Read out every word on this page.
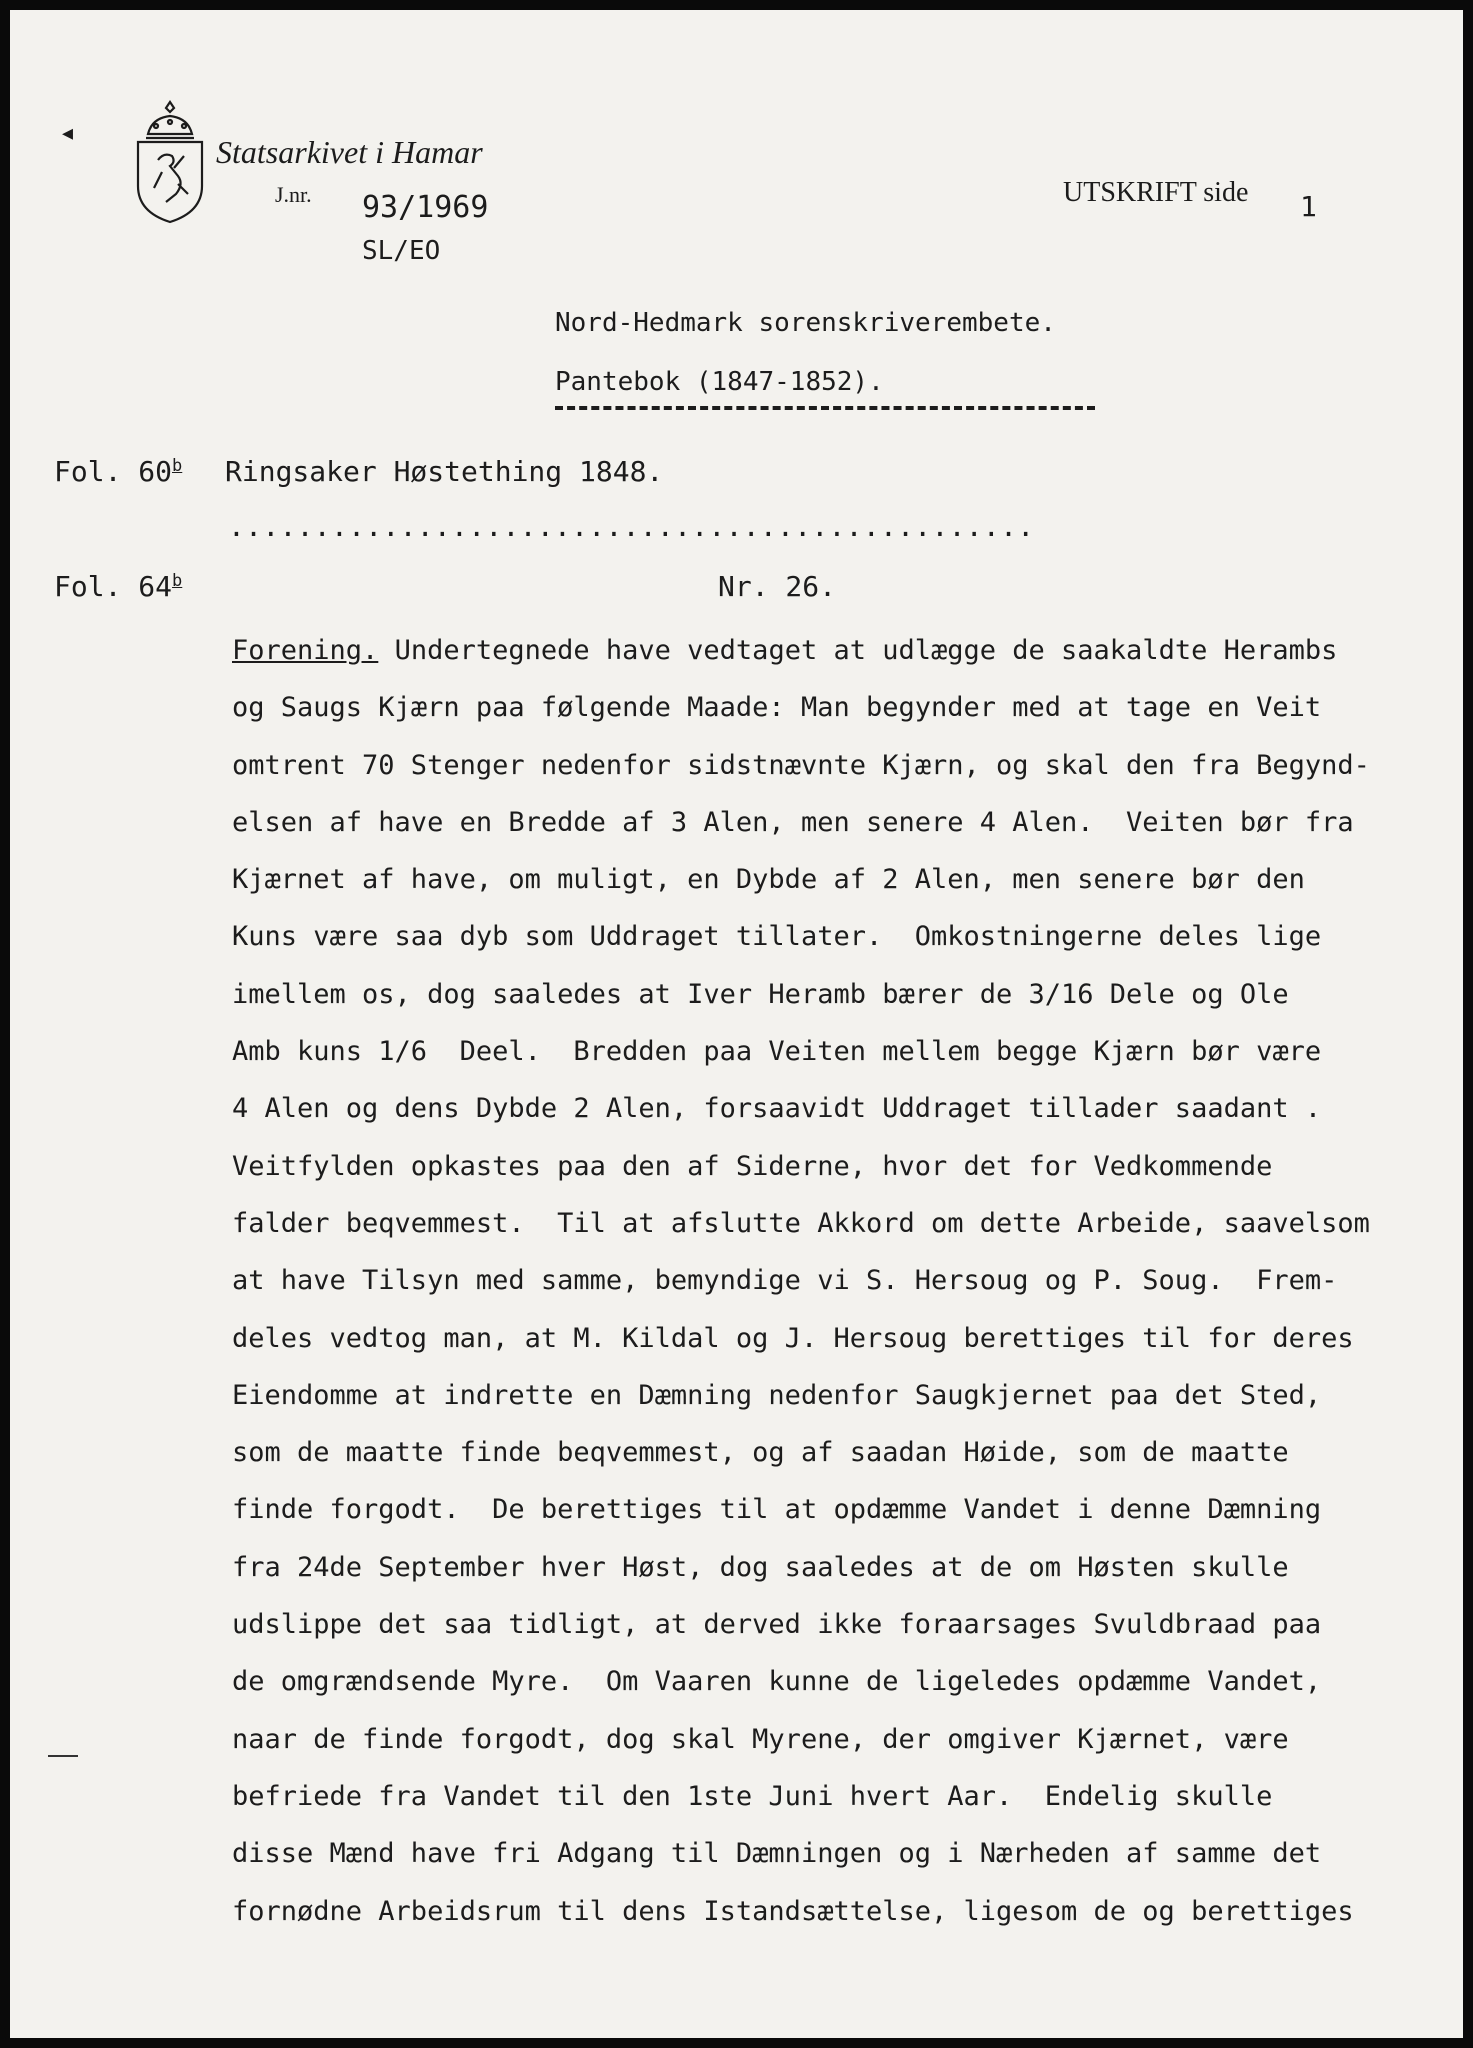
◂
Statsarkivet i Hamar
J.nr. 93/1969
SL/EO
UTSKRIFT side 1
Nord-Hedmark sorenskriverembete.
Pantebok (1847-1852).
Fol. 60$^b$ Ringsaker Høstething 1848.
...............................................
Fol. 64$^b$	Nr. 26.
Forening. Undertegnede have vedtaget at udlægge de saakaldte Herambs
og Saugs Kjærn paa følgende Maade: Man begynder med at tage en Veit
omtrent 70 Stenger nedenfor sidstnævnte Kjærn, og skal den fra Begynd-
elsen af have en Bredde af 3 Alen, men senere 4 Alen.  Veiten bør fra
Kjærnet af have, om muligt, en Dybde af 2 Alen, men senere bør den
Kuns være saa dyb som Uddraget tillater.  Omkostningerne deles lige
imellem os, dog saaledes at Iver Heramb bærer de 3/16 Dele og Ole
Amb kuns 1/6  Deel.  Bredden paa Veiten mellem begge Kjærn bør være
4 Alen og dens Dybde 2 Alen, forsaavidt Uddraget tillader saadant .
Veitfylden opkastes paa den af Siderne, hvor det for Vedkommende
falder beqvemmest.  Til at afslutte Akkord om dette Arbeide, saavelsom
at have Tilsyn med samme, bemyndige vi S. Hersoug og P. Soug.  Frem-
deles vedtog man, at M. Kildal og J. Hersoug berettiges til for deres
Eiendomme at indrette en Dæmning nedenfor Saugkjernet paa det Sted,
som de maatte finde beqvemmest, og af saadan Høide, som de maatte
finde forgodt.  De berettiges til at opdæmme Vandet i denne Dæmning
fra 24de September hver Høst, dog saaledes at de om Høsten skulle
udslippe det saa tidligt, at derved ikke foraarsages Svuldbraad paa
de omgrændsende Myre.  Om Vaaren kunne de ligeledes opdæmme Vandet,
naar de finde forgodt, dog skal Myrene, der omgiver Kjærnet, være
befriede fra Vandet til den 1ste Juni hvert Aar.  Endelig skulle
disse Mænd have fri Adgang til Dæmningen og i Nærheden af samme det
fornødne Arbeidsrum til dens Istandsættelse, ligesom de og berettiges
